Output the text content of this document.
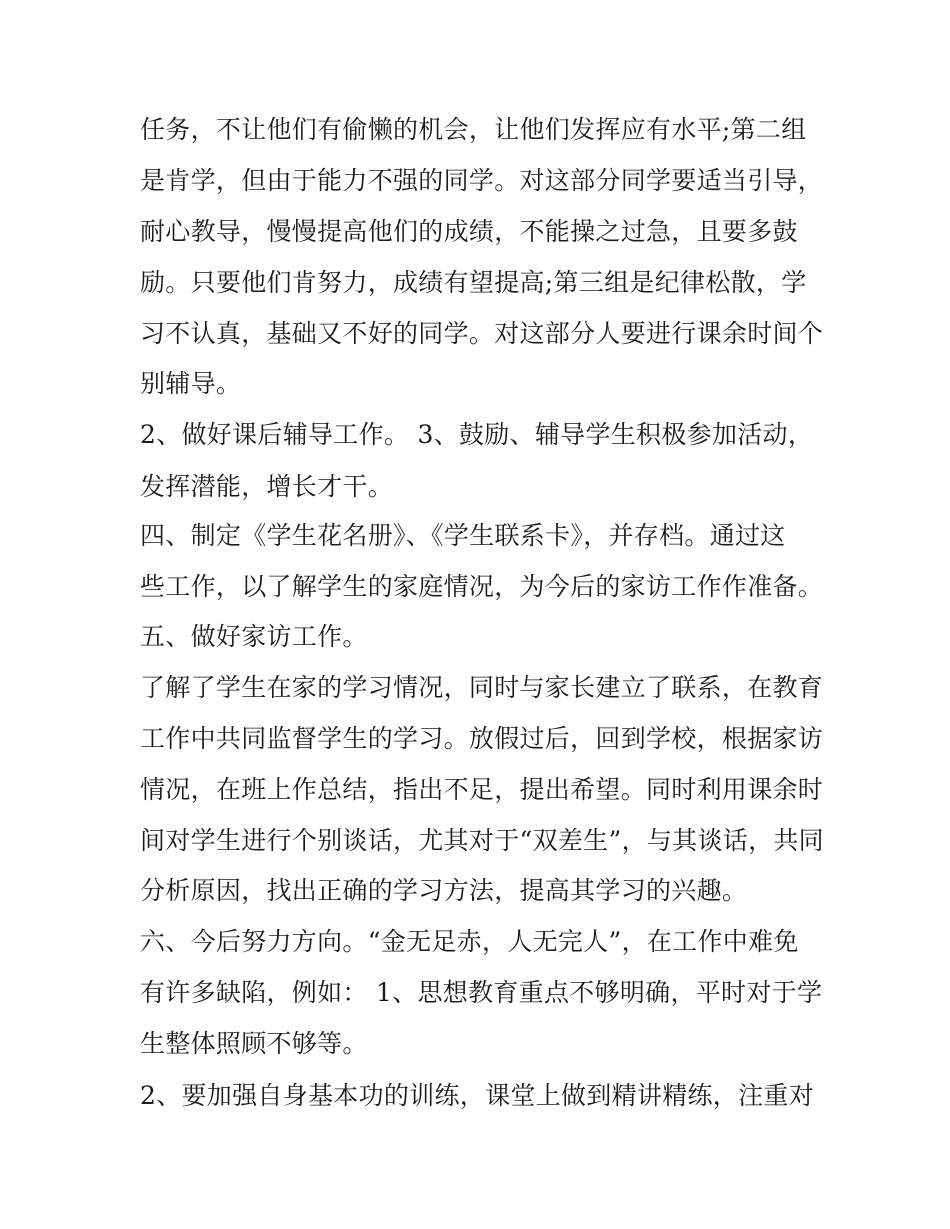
任务，不让他们有偷懒的机会，让他们发挥应有水平;第二组
是肯学，但由于能力不强的同学。对这部分同学要适当引导，
耐心教导，慢慢提高他们的成绩，不能操之过急，且要多鼓
励。只要他们肯努力，成绩有望提高;第三组是纪律松散，学
习不认真，基础又不好的同学。对这部分人要进行课余时间个
别辅导。
2、做好课后辅导工作。 3、鼓励、辅导学生积极参加活动，
发挥潜能，增长才干。
四、制定《学生花名册》、《学生联系卡》，并存档。通过这
些工作，以了解学生的家庭情况，为今后的家访工作作准备。
五、做好家访工作。
了解了学生在家的学习情况，同时与家长建立了联系，在教育
工作中共同监督学生的学习。放假过后，回到学校，根据家访
情况，在班上作总结，指出不足，提出希望。同时利用课余时
间对学生进行个别谈话，尤其对于“双差生”，与其谈话，共同
分析原因，找出正确的学习方法，提高其学习的兴趣。
六、今后努力方向。“金无足赤，人无完人”，在工作中难免
有许多缺陷，例如： 1、思想教育重点不够明确，平时对于学
生整体照顾不够等。
2、要加强自身基本功的训练，课堂上做到精讲精练，注重对
